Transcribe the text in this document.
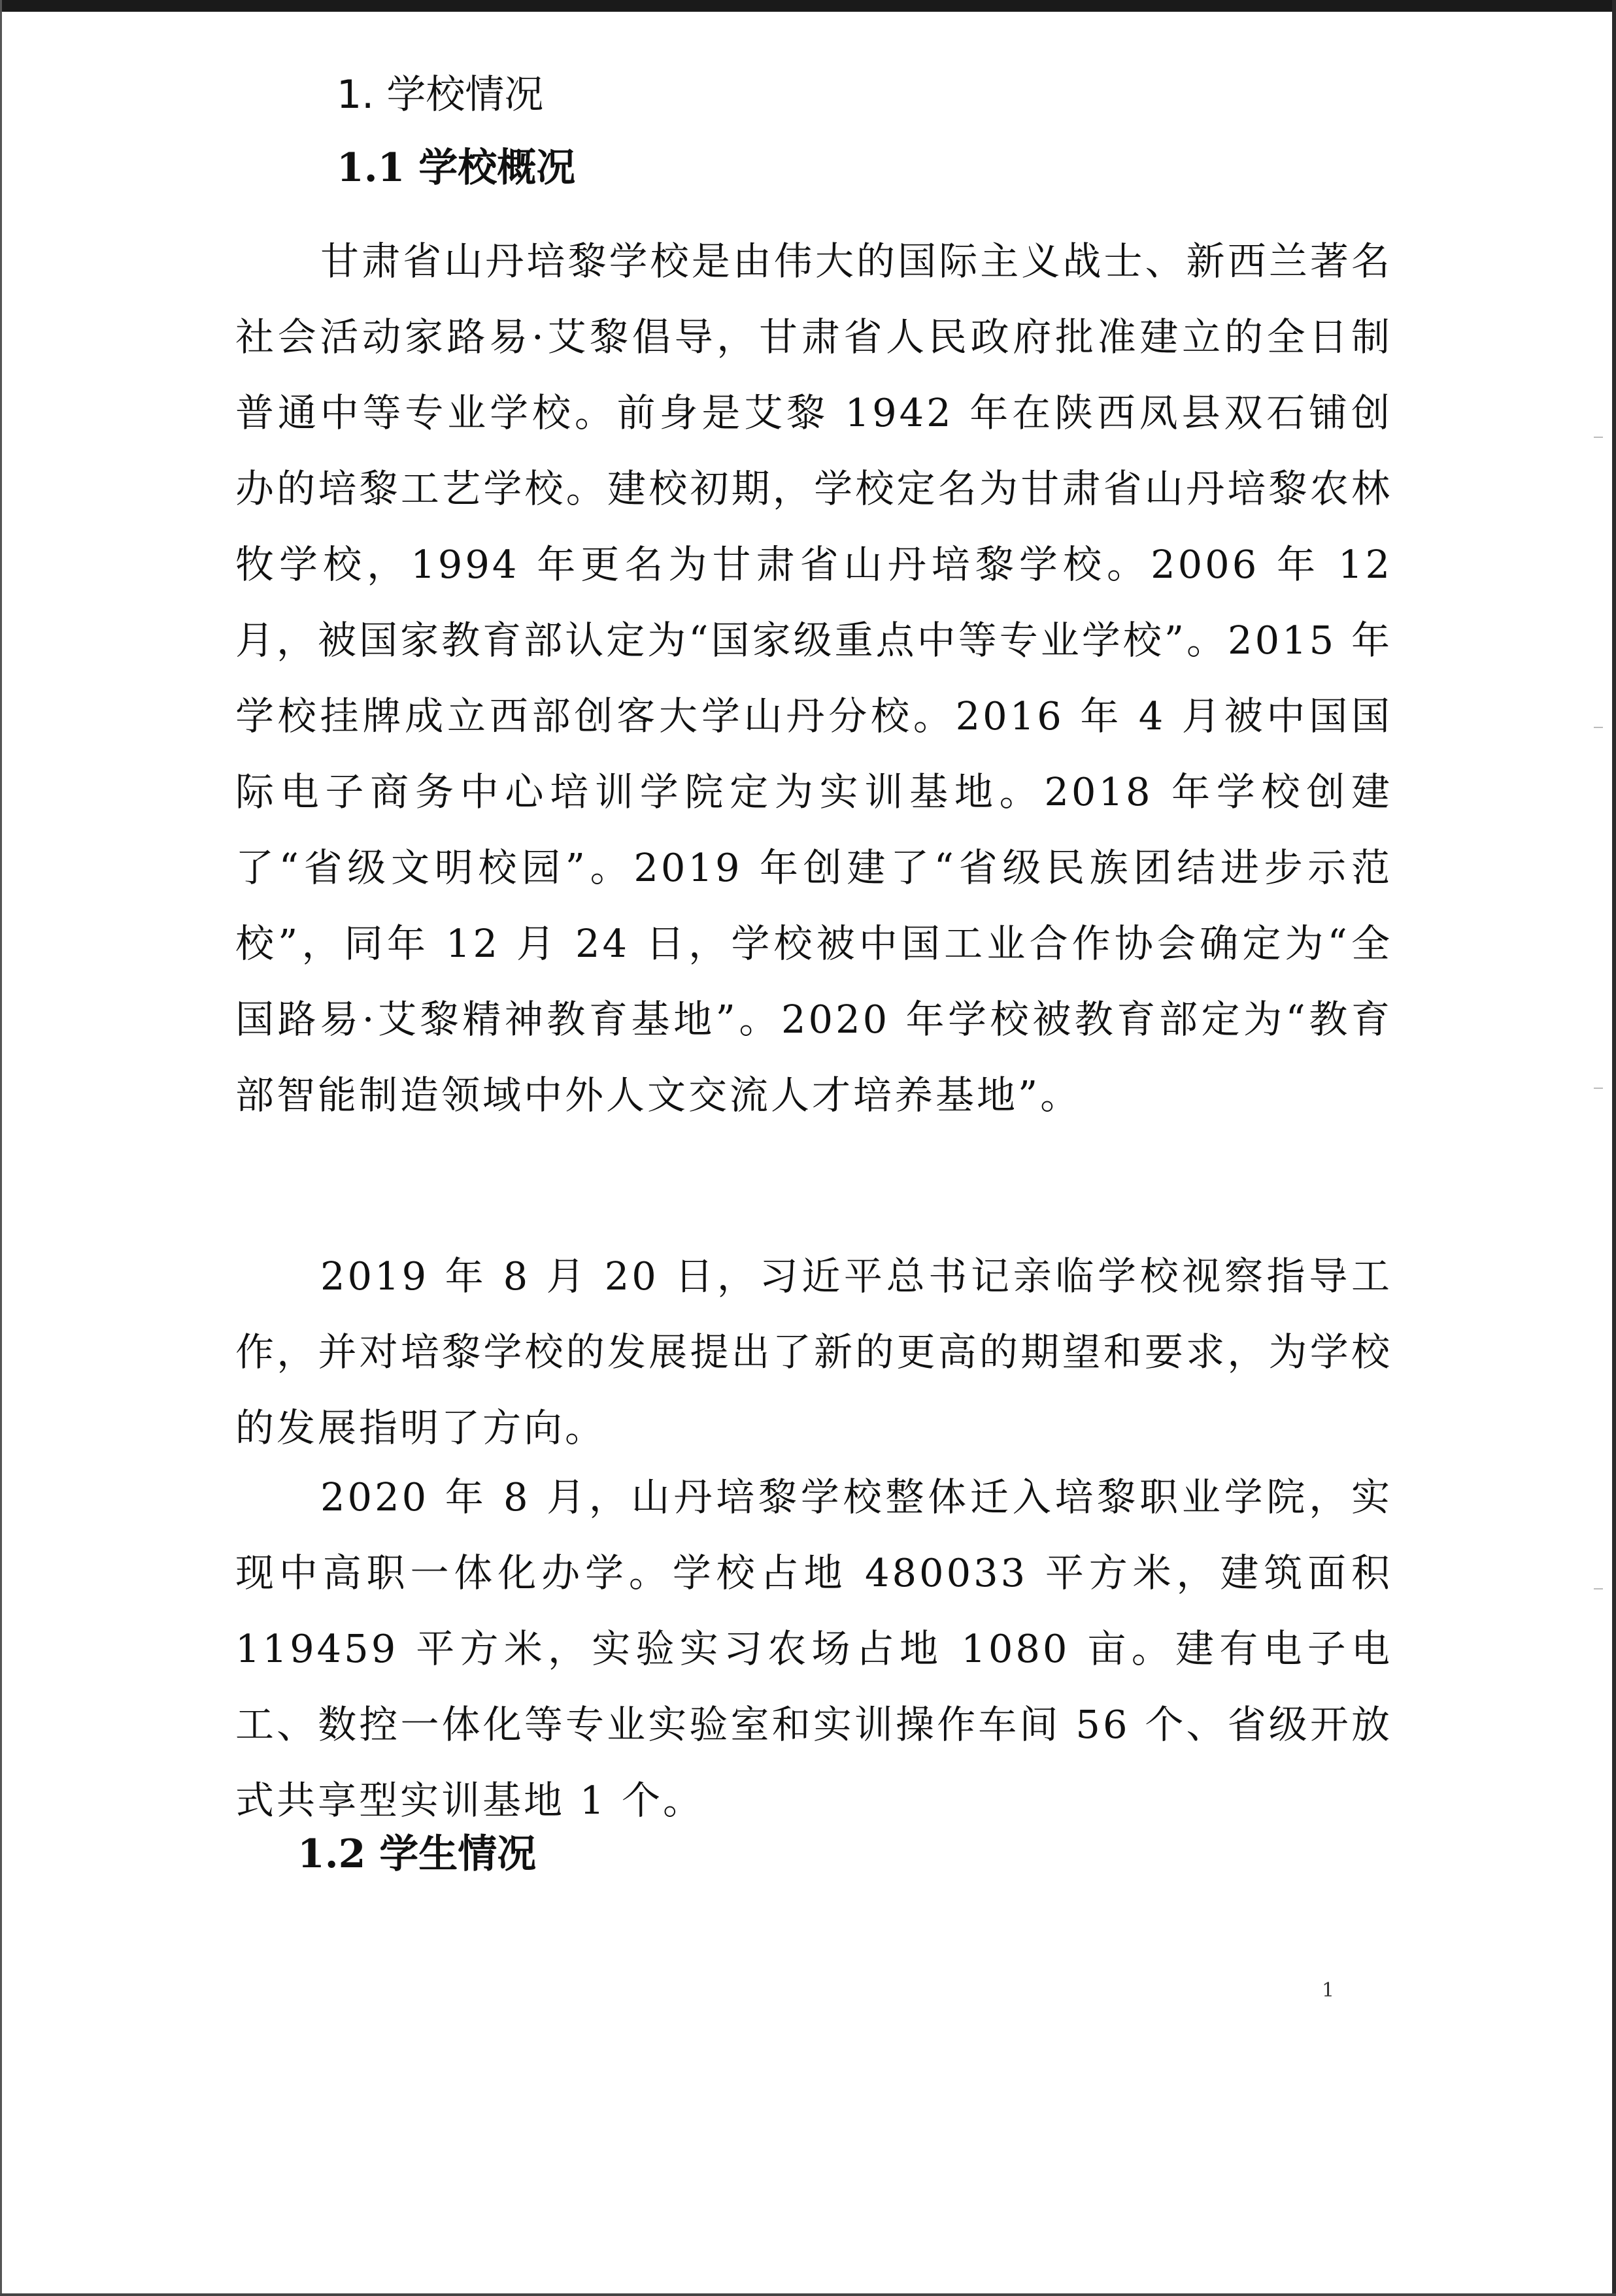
1. 学校情况
1.1 学校概况

甘肃省山丹培黎学校是由伟大的国际主义战士、新西兰著名社会活动家路易·艾黎倡导，甘肃省人民政府批准建立的全日制普通中等专业学校。前身是艾黎 1942 年在陕西凤县双石铺创办的培黎工艺学校。建校初期，学校定名为甘肃省山丹培黎农林牧学校，1994 年更名为甘肃省山丹培黎学校。2006 年 12 月，被国家教育部认定为“国家级重点中等专业学校”。2015 年学校挂牌成立西部创客大学山丹分校。2016 年 4 月被中国国际电子商务中心培训学院定为实训基地。2018 年学校创建了“省级文明校园”。2019 年创建了“省级民族团结进步示范校”，同年 12 月 24 日，学校被中国工业合作协会确定为“全国路易·艾黎精神教育基地”。2020 年学校被教育部定为“教育部智能制造领域中外人文交流人才培养基地”。

2019 年 8 月 20 日，习近平总书记亲临学校视察指导工作，并对培黎学校的发展提出了新的更高的期望和要求，为学校的发展指明了方向。

2020 年 8 月，山丹培黎学校整体迁入培黎职业学院，实现中高职一体化办学。学校占地 480033 平方米，建筑面积 119459 平方米，实验实习农场占地 1080 亩。建有电子电工、数控一体化等专业实验室和实训操作车间 56 个、省级开放式共享型实训基地 1 个。

1.2 学生情况
1
